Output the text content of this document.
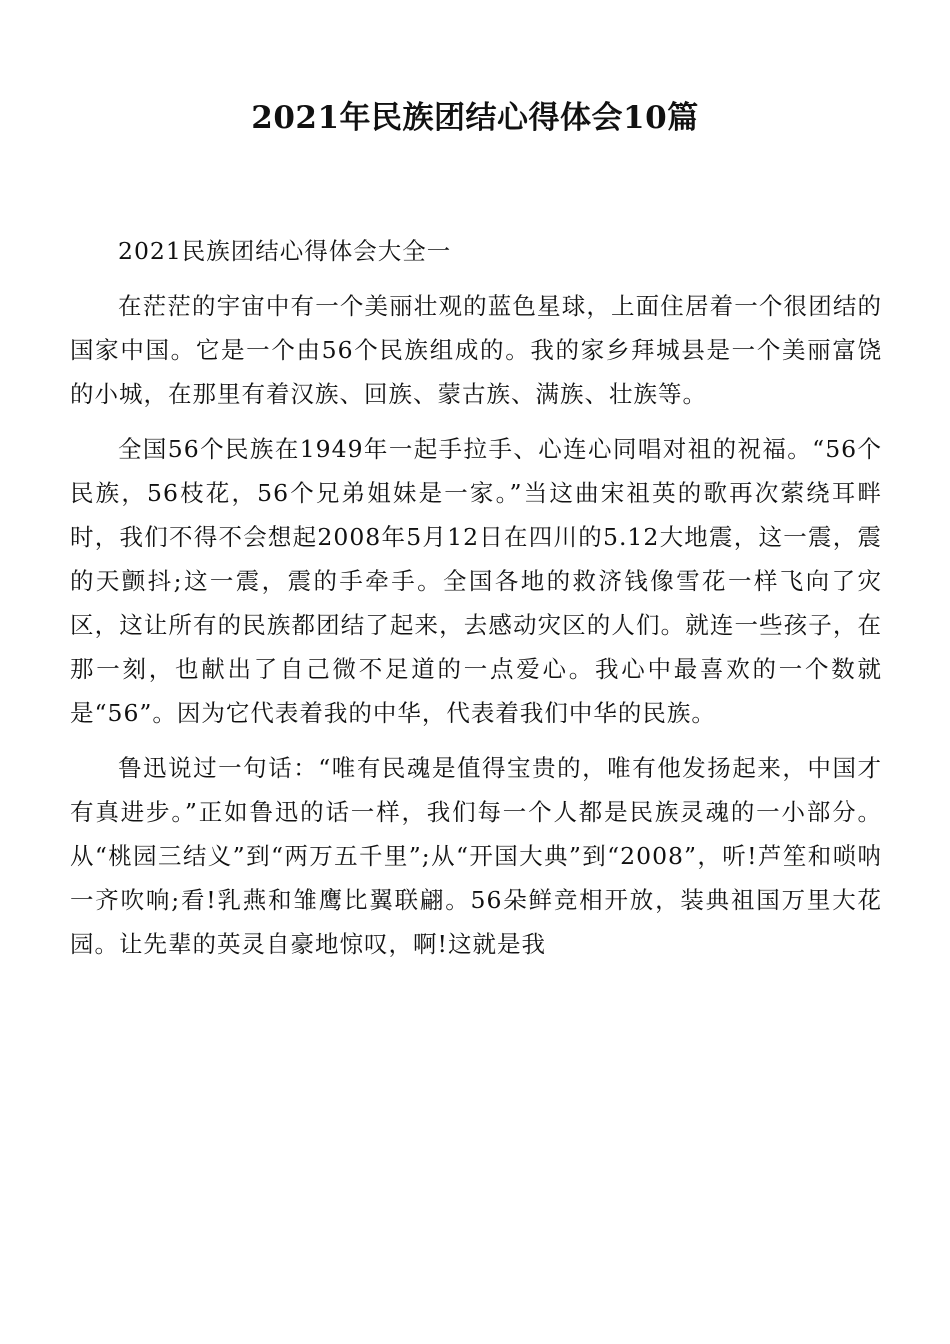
2021年民族团结心得体会10篇

2021民族团结心得体会大全一

在茫茫的宇宙中有一个美丽壮观的蓝色星球，上面住居着一个很团结的国家中国。它是一个由56个民族组成的。我的家乡拜城县是一个美丽富饶的小城，在那里有着汉族、回族、蒙古族、满族、壮族等。

全国56个民族在1949年一起手拉手、心连心同唱对祖的祝福。“56个民族，56枝花，56个兄弟姐妹是一家。”当这曲宋祖英的歌再次萦绕耳畔时，我们不得不会想起2008年5月12日在四川的5.12大地震，这一震，震的天颤抖;这一震，震的手牵手。全国各地的救济钱像雪花一样飞向了灾区，这让所有的民族都团结了起来，去感动灾区的人们。就连一些孩子，在那一刻，也献出了自己微不足道的一点爱心。我心中最喜欢的一个数就是“56”。因为它代表着我的中华，代表着我们中华的民族。

鲁迅说过一句话：“唯有民魂是值得宝贵的，唯有他发扬起来，中国才有真进步。”正如鲁迅的话一样，我们每一个人都是民族灵魂的一小部分。从“桃园三结义”到“两万五千里”;从“开国大典”到“2008”，听!芦笙和唢呐一齐吹响;看!乳燕和雏鹰比翼联翩。56朵鲜竞相开放，装典祖国万里大花园。让先辈的英灵自豪地惊叹，啊!这就是我
